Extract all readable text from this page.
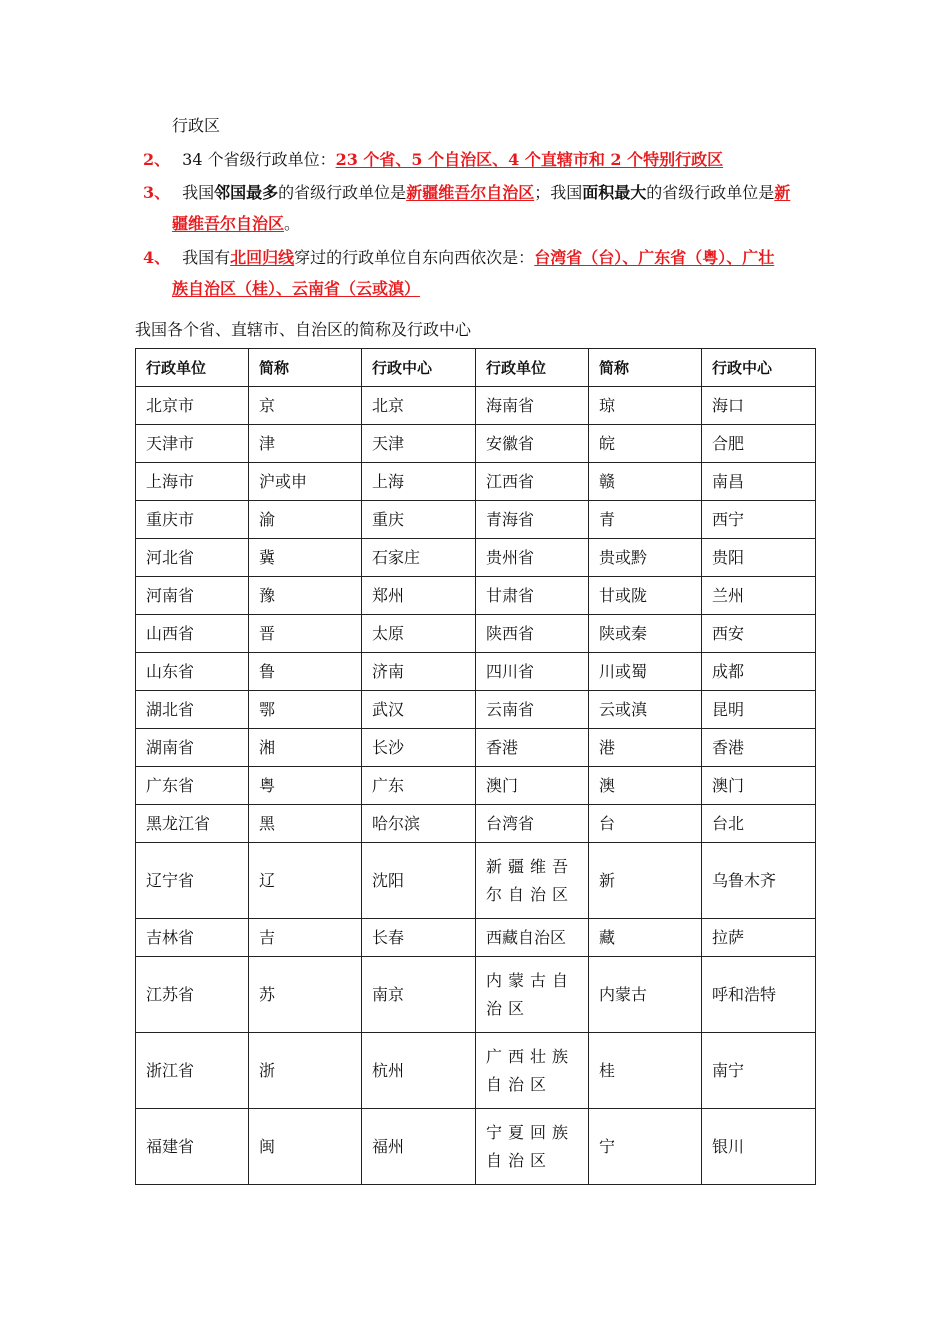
行政区
2、 34 个省级行政单位：23 个省、5 个自治区、4 个直辖市和 2 个特别行政区
3、 我国邻国最多的省级行政单位是新疆维吾尔自治区；我国面积最大的省级行政单位是新
疆维吾尔自治区。
4、 我国有北回归线穿过的行政单位自东向西依次是：台湾省（台）、广东省（粤）、广壮
族自治区（桂）、云南省（云或滇）
我国各个省、直辖市、自治区的简称及行政中心
行政单位	简称	行政中心	行政单位	简称	行政中心
北京市	京	北京	海南省	琼	海口
天津市	津	天津	安徽省	皖	合肥
上海市	沪或申	上海	江西省	赣	南昌
重庆市	渝	重庆	青海省	青	西宁
河北省	冀	石家庄	贵州省	贵或黔	贵阳
河南省	豫	郑州	甘肃省	甘或陇	兰州
山西省	晋	太原	陕西省	陕或秦	西安
山东省	鲁	济南	四川省	川或蜀	成都
湖北省	鄂	武汉	云南省	云或滇	昆明
湖南省	湘	长沙	香港	港	香港
广东省	粤	广东	澳门	澳	澳门
黑龙江省	黑	哈尔滨	台湾省	台	台北
辽宁省	辽	沈阳	新疆维吾尔自治区	新	乌鲁木齐
吉林省	吉	长春	西藏自治区	藏	拉萨
江苏省	苏	南京	内蒙古自治区	内蒙古	呼和浩特
浙江省	浙	杭州	广西壮族自治区	桂	南宁
福建省	闽	福州	宁夏回族自治区	宁	银川
